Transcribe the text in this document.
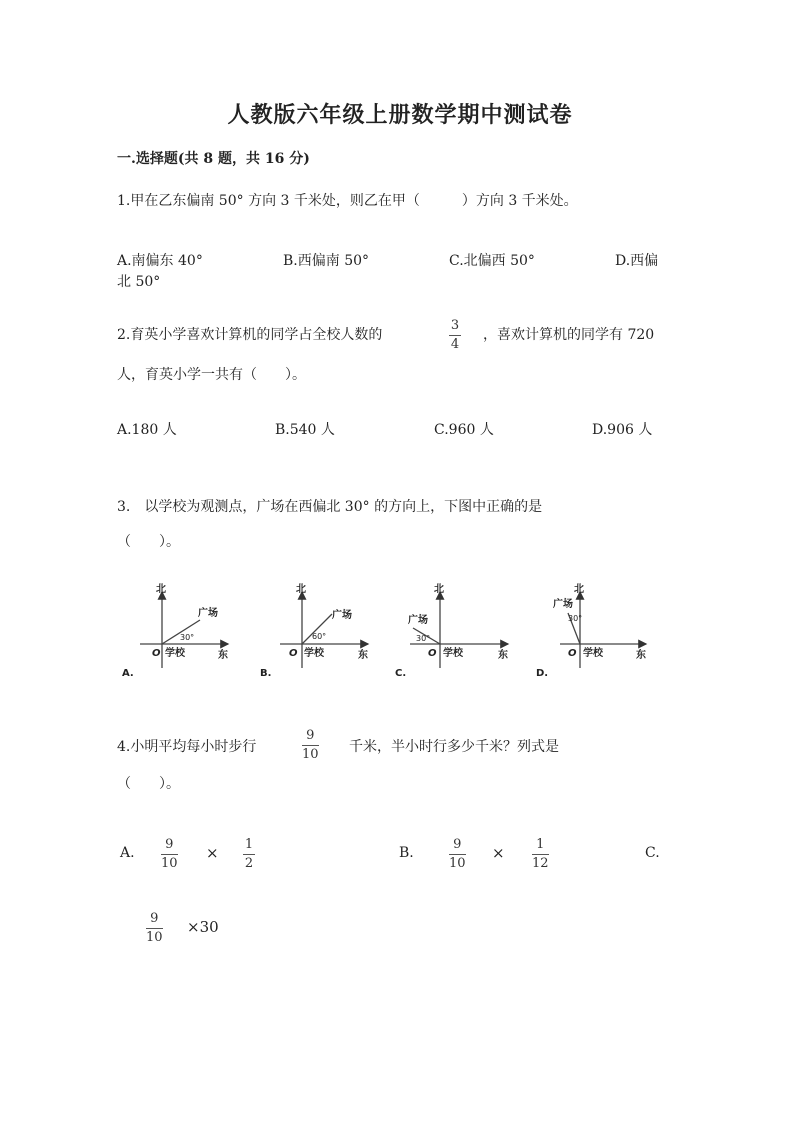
人教版六年级上册数学期中测试卷
一.选择题(共 8 题，共 16 分)
1.甲在乙东偏南 50° 方向 3 千米处，则乙在甲（　　　）方向 3 千米处。
A.南偏东 40°	B.西偏南 50°	C.北偏西 50°	D.西偏
北 50°
2.育英小学喜欢计算机的同学占全校人数的
3
4
，喜欢计算机的同学有 720
人，育英小学一共有（　　）。
A.180 人	B.540 人	C.960 人	D.906 人
3.　以学校为观测点，广场在西偏北 30° 的方向上，下图中正确的是
（　　）。
北
东
O 学校
广场
30°
A.
北
东
O 学校
广场
60°
B.
北
东
O 学校
广场
30°
C.
北
东
O 学校
广场
30°
D.
4.小明平均每小时步行
9
10 千米，半小时行多少千米？列式是
（　　）。
A.
9
10
× 1
2
B.
9
10
× 1
12
C.
9
10
×30
